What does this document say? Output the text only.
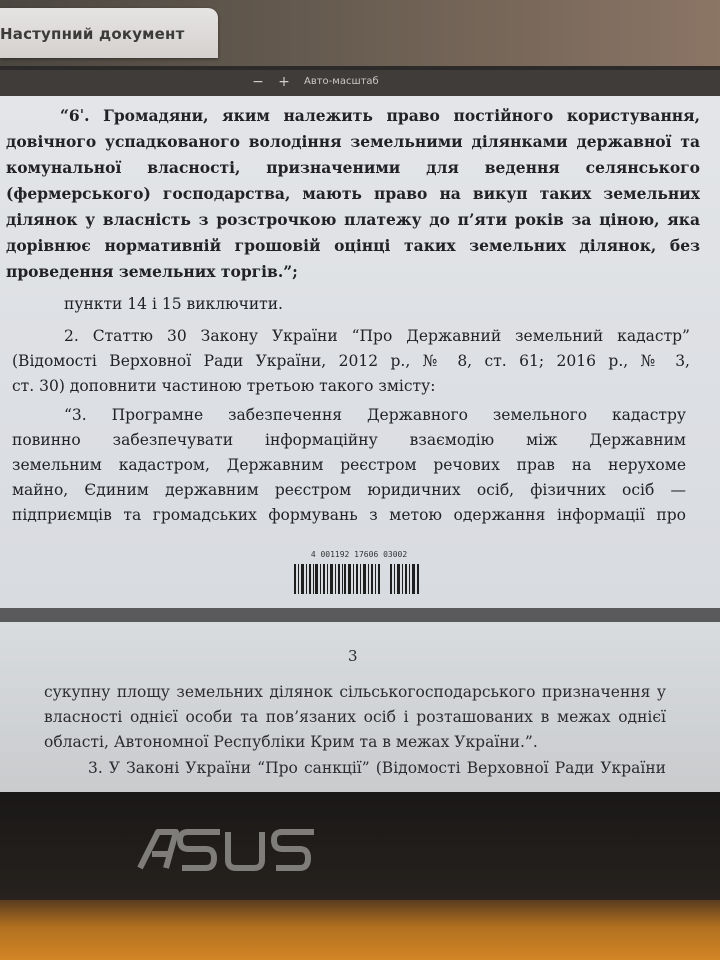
Наступний документ
− + Авто-масштаб
“6ˈ. Громадяни, яким належить право постійного користування,
довічного успадкованого володіння земельними ділянками державної та
комунальної власності, призначеними для ведення селянського
(фермерського) господарства, мають право на викуп таких земельних
ділянок у власність з розстрочкою платежу до п’яти років за ціною, яка
дорівнює нормативній грошовій оцінці таких земельних ділянок, без
проведення земельних торгів.”;
пункти 14 і 15 виключити.
2. Статтю 30 Закону України “Про Державний земельний кадастр”
(Відомості Верховної Ради України, 2012 р., № 8, ст. 61; 2016 р., № 3,
ст. 30) доповнити частиною третьою такого змісту:
“3. Програмне забезпечення Державного земельного кадастру
повинно забезпечувати інформаційну взаємодію між Державним
земельним кадастром, Державним реєстром речових прав на нерухоме
майно, Єдиним державним реєстром юридичних осіб, фізичних осіб —
підприємців та громадських формувань з метою одержання інформації про
4 001192 17606 03002
3
сукупну площу земельних ділянок сільськогосподарського призначення у
власності однієї особи та пов’язаних осіб і розташованих в межах однієї
області, Автономної Республіки Крим та в межах України.”.
3. У Законі України “Про санкції” (Відомості Верховної Ради України
